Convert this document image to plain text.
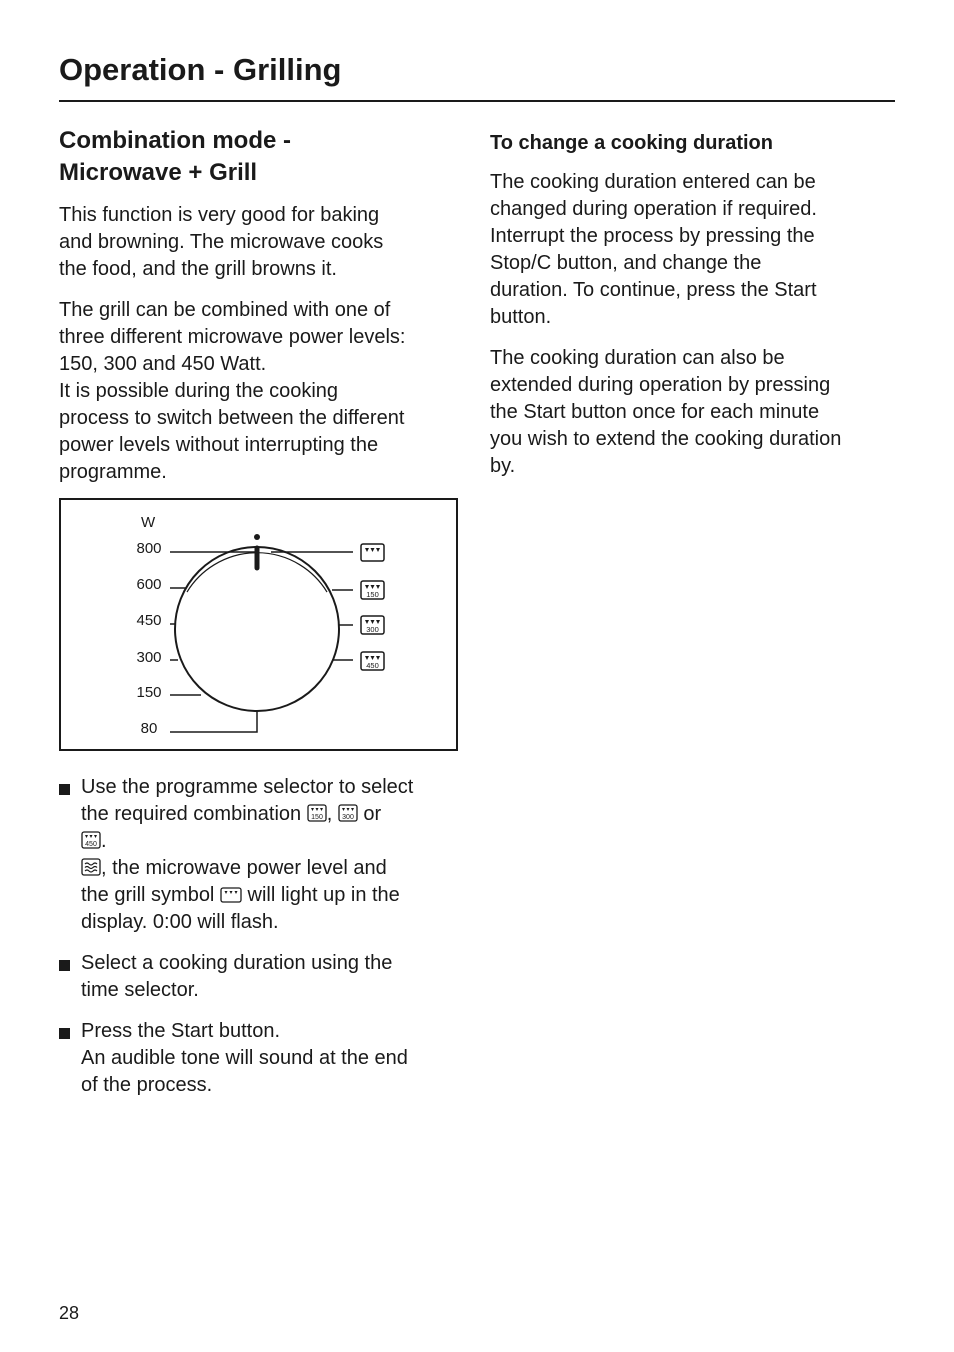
Operation - Grilling
Combination mode -
Microwave + Grill

This function is very good for baking
and browning. The microwave cooks
the food, and the grill browns it.

The grill can be combined with one of
three different microwave power levels:
150, 300 and 450 Watt.
It is possible during the cooking
process to switch between the different
power levels without interrupting the
programme.

W
800
600
450
300
150
80
150
300
450
Use the programme selector to select
the required combination 150 , 300 or
450 .
, the microwave power level and
the grill symbol  will light up in the
display. 0:00 will flash.
Select a cooking duration using the
time selector.
Press the Start button.
An audible tone will sound at the end
of the process.
To change a cooking duration

The cooking duration entered can be
changed during operation if required.
Interrupt the process by pressing the
Stop/C button, and change the
duration. To continue, press the Start
button.

The cooking duration can also be
extended during operation by pressing
the Start button once for each minute
you wish to extend the cooking duration
by.

28
